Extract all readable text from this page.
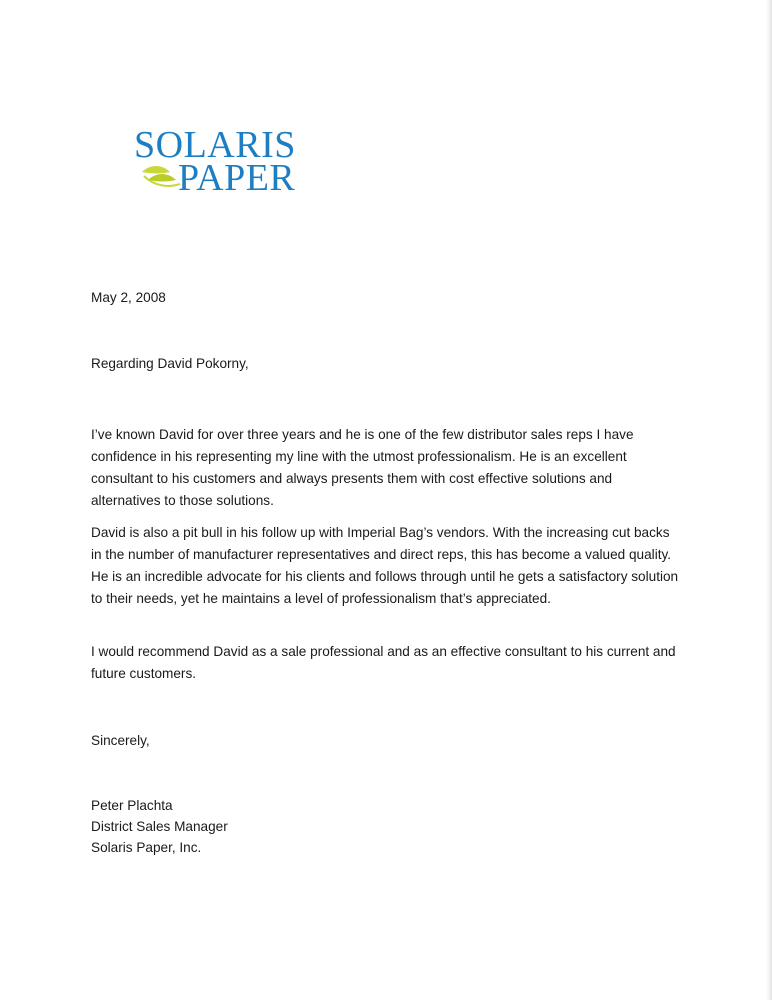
SOLARIS
PAPER
May 2, 2008
Regarding David Pokorny,

I’ve known David for over three years and he is one of the few distributor sales reps I have confidence in his representing my line with the utmost professionalism. He is an excellent consultant to his customers and always presents them with cost effective solutions and alternatives to those solutions.

David is also a pit bull in his follow up with Imperial Bag’s vendors. With the increasing cut backs in the number of manufacturer representatives and direct reps, this has become a valued quality. He is an incredible advocate for his clients and follows through until he gets a satisfactory solution to their needs, yet he maintains a level of professionalism that’s appreciated.

I would recommend David as a sale professional and as an effective consultant to his current and future customers.

Sincerely,
Peter Plachta
District Sales Manager
Solaris Paper, Inc.
